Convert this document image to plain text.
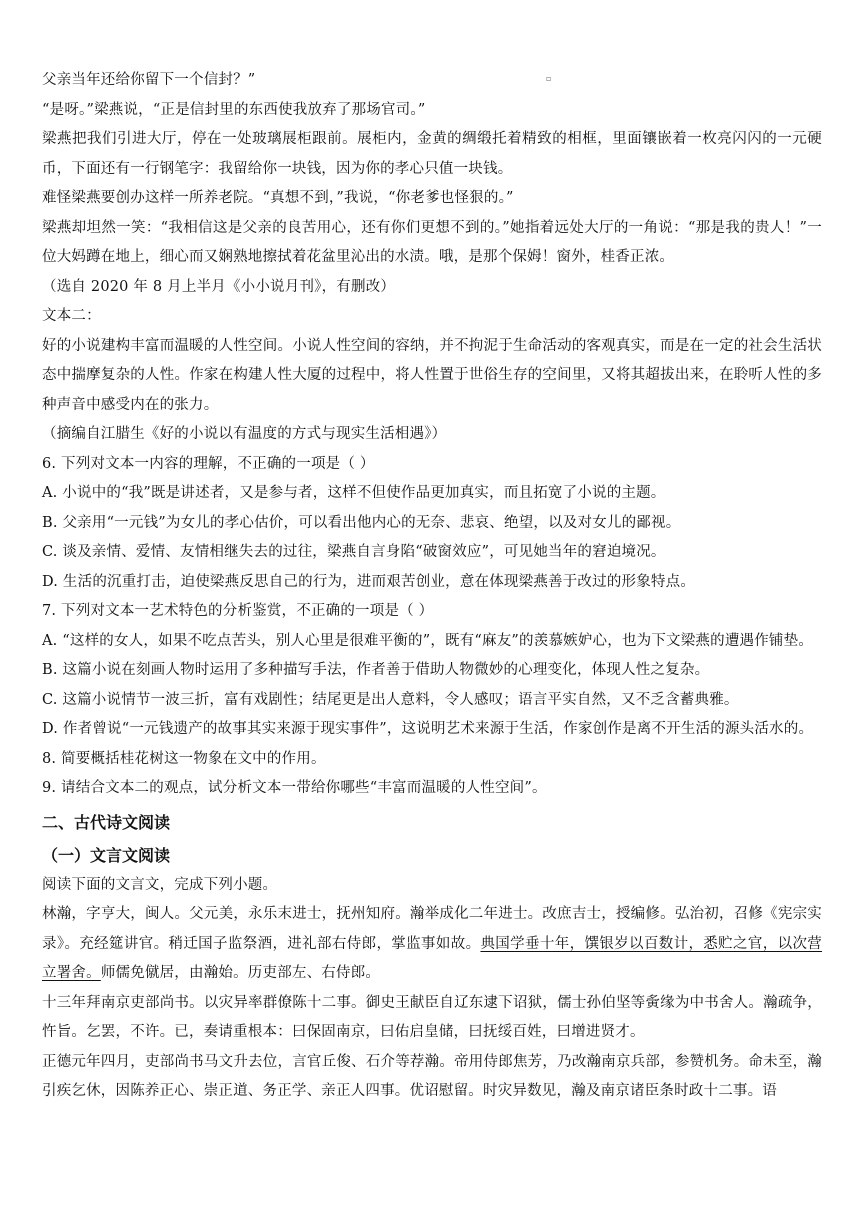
▫

父亲当年还给你留下一个信封？”

“是呀。”梁燕说，“正是信封里的东西使我放弃了那场官司。”

梁燕把我们引进大厅，停在一处玻璃展柜跟前。展柜内，金黄的绸缎托着精致的相框，里面镶嵌着一枚亮闪闪的一元硬币，下面还有一行钢笔字：我留给你一块钱，因为你的孝心只值一块钱。

难怪梁燕要创办这样一所养老院。“真想不到，”我说，“你老爹也怪狠的。”

梁燕却坦然一笑：“我相信这是父亲的良苦用心，还有你们更想不到的。”她指着远处大厅的一角说：“那是我的贵人！”一位大妈蹲在地上，细心而又娴熟地擦拭着花盆里沁出的水渍。哦，是那个保姆！窗外，桂香正浓。

（选自 2020 年 8 月上半月《小小说月刊》，有删改）

文本二：

好的小说建构丰富而温暖的人性空间。小说人性空间的容纳，并不拘泥于生命活动的客观真实，而是在一定的社会生活状态中揣摩复杂的人性。作家在构建人性大厦的过程中，将人性置于世俗生存的空间里，又将其超拔出来，在聆听人性的多种声音中感受内在的张力。

（摘编自江腊生《好的小说以有温度的方式与现实生活相遇》）

6. 下列对文本一内容的理解，不正确的一项是（ ）

A. 小说中的“我”既是讲述者，又是参与者，这样不但使作品更加真实，而且拓宽了小说的主题。

B. 父亲用“一元钱”为女儿的孝心估价，可以看出他内心的无奈、悲哀、绝望，以及对女儿的鄙视。

C. 谈及亲情、爱情、友情相继失去的过往，梁燕自言身陷“破窗效应”，可见她当年的窘迫境况。

D. 生活的沉重打击，迫使梁燕反思自己的行为，进而艰苦创业，意在体现梁燕善于改过的形象特点。

7. 下列对文本一艺术特色的分析鉴赏，不正确的一项是（ ）

A. “这样的女人，如果不吃点苦头，别人心里是很难平衡的”，既有“麻友”的羡慕嫉妒心，也为下文梁燕的遭遇作铺垫。

B. 这篇小说在刻画人物时运用了多种描写手法，作者善于借助人物微妙的心理变化，体现人性之复杂。

C. 这篇小说情节一波三折，富有戏剧性；结尾更是出人意料，令人感叹；语言平实自然，又不乏含蓄典雅。

D. 作者曾说“一元钱遗产的故事其实来源于现实事件”，这说明艺术来源于生活，作家创作是离不开生活的源头活水的。

8. 简要概括桂花树这一物象在文中的作用。

9. 请结合文本二的观点，试分析文本一带给你哪些“丰富而温暖的人性空间”。

二、古代诗文阅读

（一）文言文阅读

阅读下面的文言文，完成下列小题。

林瀚，字亨大，闽人。父元美，永乐末进士，抚州知府。瀚举成化二年进士。改庶吉士，授编修。弘治初，召修《宪宗实录》。充经筵讲官。稍迁国子监祭酒，进礼部右侍郎，掌监事如故。典国学垂十年，馔银岁以百数计，悉贮之官，以次营立署舍。师儒免僦居，由瀚始。历吏部左、右侍郎。

十三年拜南京吏部尚书。以灾异率群僚陈十二事。御史王献臣自辽东逮下诏狱，儒士孙伯坚等夤缘为中书舍人。瀚疏争，忤旨。乞罢，不许。已，奏请重根本：曰保固南京，曰佑启皇储，曰抚绥百姓，曰增进贤才。

正德元年四月，吏部尚书马文升去位，言官丘俊、石介等荐瀚。帝用侍郎焦芳，乃改瀚南京兵部，参赞机务。命未至，瀚引疾乞休，因陈养正心、崇正道、务正学、亲正人四事。优诏慰留。时灾异数见，瀚及南京诸臣条时政十二事。语
